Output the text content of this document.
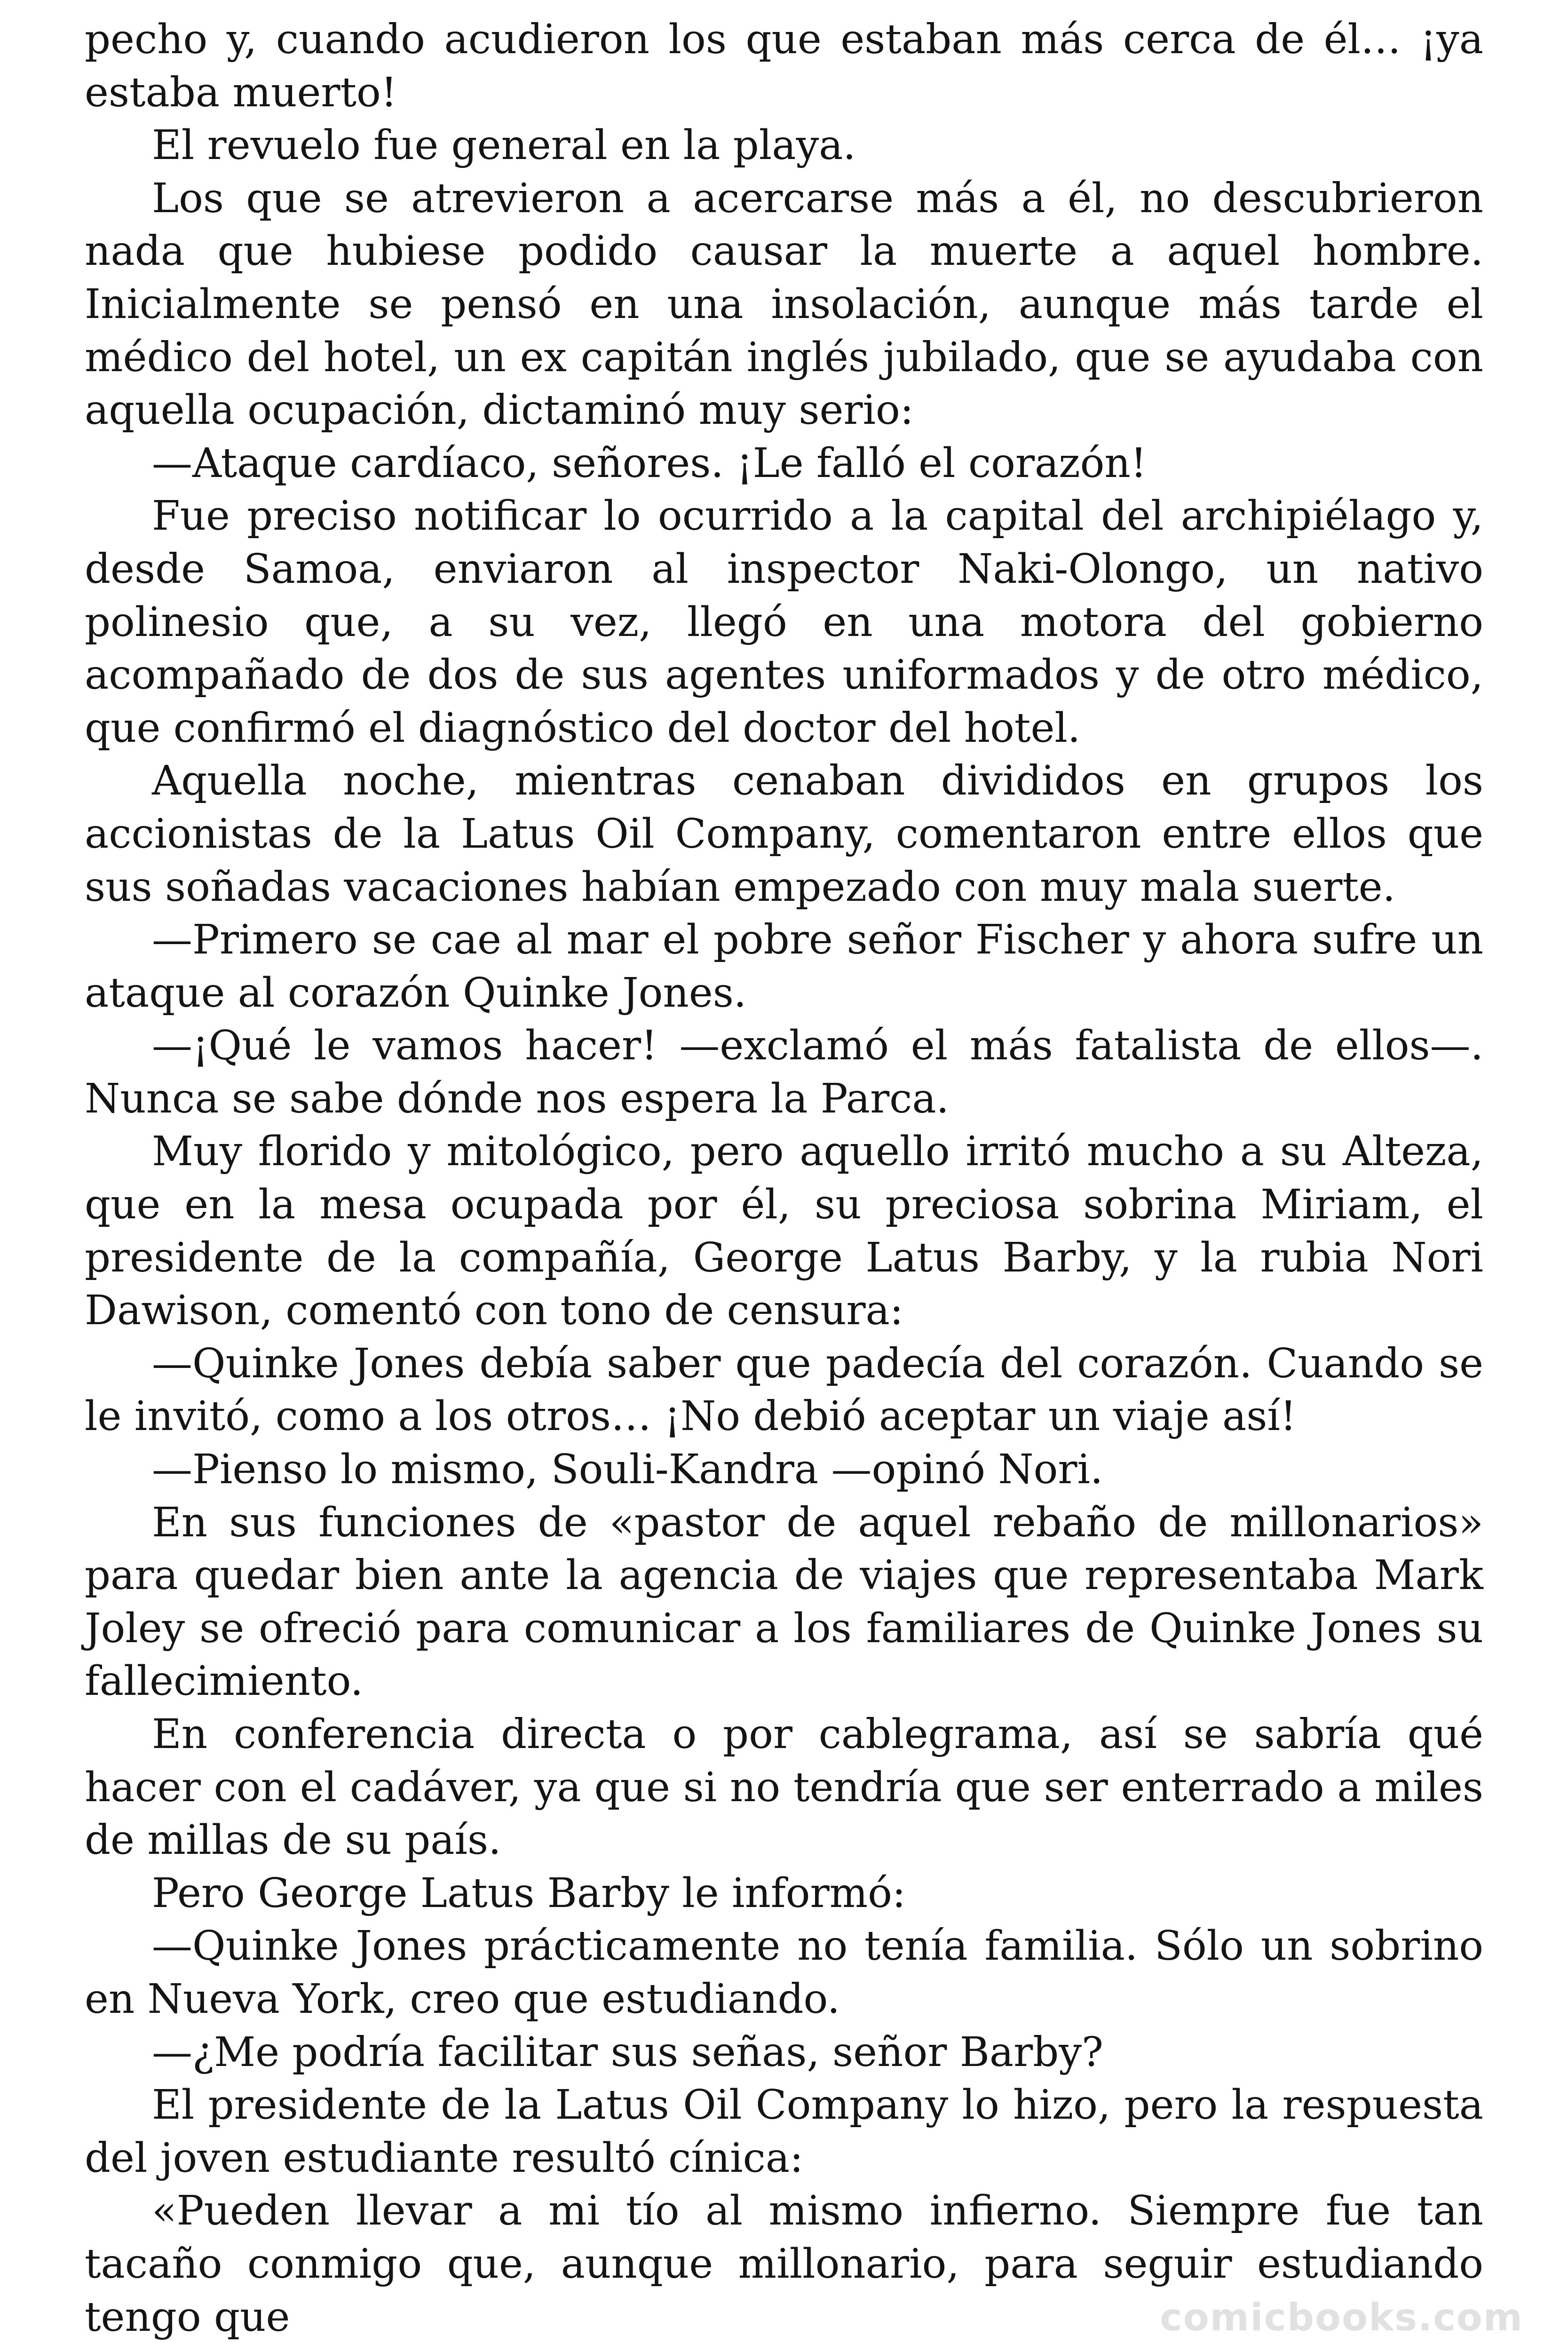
pecho y, cuando acudieron los que estaban más cerca de él… ¡ya estaba muerto!

El revuelo fue general en la playa.

Los que se atrevieron a acercarse más a él, no descubrieron nada que hubiese podido causar la muerte a aquel hombre. Inicialmente se pensó en una insolación, aunque más tarde el médico del hotel, un ex capitán inglés jubilado, que se ayudaba con aquella ocupación, dictaminó muy serio:

—Ataque cardíaco, señores. ¡Le falló el corazón!

Fue preciso notificar lo ocurrido a la capital del archipiélago y, desde Samoa, enviaron al inspector Naki-Olongo, un nativo polinesio que, a su vez, llegó en una motora del gobierno acompañado de dos de sus agentes uniformados y de otro médico, que confirmó el diagnóstico del doctor del hotel.

Aquella noche, mientras cenaban divididos en grupos los accionistas de la Latus Oil Company, comentaron entre ellos que sus soñadas vacaciones habían empezado con muy mala suerte.

—Primero se cae al mar el pobre señor Fischer y ahora sufre un ataque al corazón Quinke Jones.

—¡Qué le vamos hacer! —exclamó el más fatalista de ellos—. Nunca se sabe dónde nos espera la Parca.

Muy florido y mitológico, pero aquello irritó mucho a su Alteza, que en la mesa ocupada por él, su preciosa sobrina Miriam, el presidente de la compañía, George Latus Barby, y la rubia Nori Dawison, comentó con tono de censura:

—Quinke Jones debía saber que padecía del corazón. Cuando se le invitó, como a los otros… ¡No debió aceptar un viaje así!

—Pienso lo mismo, Souli-Kandra —opinó Nori.

En sus funciones de «pastor de aquel rebaño de millonarios» para quedar bien ante la agencia de viajes que representaba Mark Joley se ofreció para comunicar a los familiares de Quinke Jones su fallecimiento.

En conferencia directa o por cablegrama, así se sabría qué hacer con el cadáver, ya que si no tendría que ser enterrado a miles de millas de su país.

Pero George Latus Barby le informó:

—Quinke Jones prácticamente no tenía familia. Sólo un sobrino en Nueva York, creo que estudiando.

—¿Me podría facilitar sus señas, señor Barby?

El presidente de la Latus Oil Company lo hizo, pero la respuesta del joven estudiante resultó cínica:

«Pueden llevar a mi tío al mismo infierno. Siempre fue tan tacaño conmigo que, aunque millonario, para seguir estudiando tengo que	comicbooks.com
